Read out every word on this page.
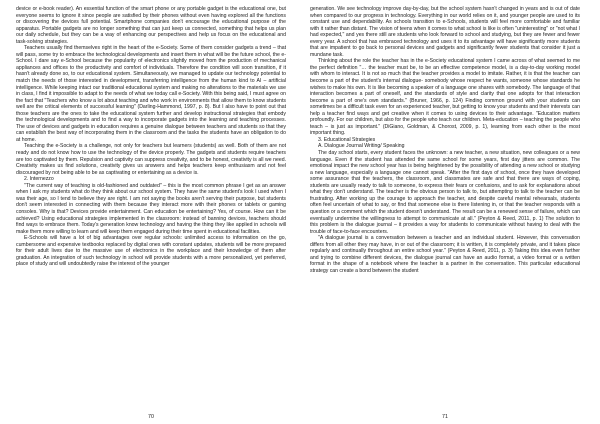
device or e-book reader). An essential function of the smart phone or any portable gadget is the educational one, but everyone seems to ignore it since people are satisfied by their phones without even having explored all the functions or discovering the devices full potential. Smartphone companies don't encourage the educational purpose of the apparatus. Portable gadgets are no longer something that can just keep us connected, something that helps us plan our daily schedule, but they can be a way of enhancing our perspectives and help us focus on the educational and task-solving strategies.

Teachers usually find themselves right in the heart of the e-Society. Some of them consider gadgets a trend – that will pass, some try to embrace the technological developments and insert them in what will be the future school, the e-School. I dare say e-School because the popularity of electronics slightly moved from the production of mechanical appliances and offices to the productivity and comfort of individuals. Therefore the condition will soon transition, if it hasn't already done so, to our educational system. Simultaneously, we managed to update our technology potential to match the needs of those interested in development, transferring intelligence from the human kind to AI – artificial intelligence. While keeping intact our traditional educational system and making no alterations to the materials we use in class, I find it impossible to adapt to the needs of what we today call e-Society. With this being said, I must agree on the fact that "Teachers who know a lot about teaching and who work in environments that allow them to know students well are the critical elements of successful learning" (Darling-Hammond, 1997, p. 8). But I also have to point out that those teachers are the ones to take the educational system further and develop instructional strategies that embody the technological developments and to find a way to incorporate gadgets into the learning and teaching processes. The use of devices and gadgets in education requires a genuine dialogue between teachers and students so that they can establish the best way of incorporating them in the classroom and the tasks the students have an obligation to do at home.

Teaching the e-Society is a challenge, not only for teachers but learners (students) as well. Both of them are not ready and do not know how to use the technology of the device properly. The gadgets and students require teachers are too captivated by them. Repulsion and captivity can suppress creativity, and to be honest, creativity is all we need. Creativity makes us find solutions, creativity gives us answers and helps teachers keep enthusiasm and not feel discouraged by not being able to be as captivating or entertaining as a device is.

2. Internezzo

"The current way of teaching is old-fashioned and outdated" – this is the most common phrase I get as an answer when I ask my students what do they think about our school system. They have the same student's look I used when I was their age, so I tend to believe they are right. I am not saying the books aren't serving their purpose, but students don't seem interested in connecting with them because they interact more with their phones or tablets or gaming consoles. Why is that? Devices provide entertainment. Can education be entertaining? Yes, of course. How can it be achieved? Using educational strategies implemented in the classroom: instead of banning devices, teachers should find ways to embrace them. Today's generation know technology and having the thing they like applied in schools will make them more willing to learn and will keep them engaged during their time spent in educational facilities.

E-Schools will have a lot of big advantages over regular schools: unlimited access to information on the go, cumbersome and expensive textbooks replaced by digital ones with constant updates, students will be more prepared for their adult lives due to the massive use of electronics in the workplace and their knowledge of them after graduation. An integration of such technology in school will provide students with a more personalized, yet preferred, place of study and will undoubtedly raise the interest of the younger

70

generation. We see technology improve day-by-day, but the school system hasn't changed in years and is out of date when compared to our progress in technology. Everything in our world relies on it, and younger people are used to its constant use and dependability. As schools transition to e-Schools, students will feel more comfortable and familiar with it rather than distant. The vision of teens when it comes to what school is like is often "uninteresting" or "not what I had expected," and yes there still are students who look forward to school and studying, but they are fewer and fewer every year. A school that has embraced technology and uses it to its advantage will have significantly more students that are impatient to go back to personal devices and gadgets and significantly fewer students that consider it just a mundane task.

Thinking about the role the teacher has in the e-Society educational system I came across of what seemed to me the perfect definition "… the teacher must be, to be an effective competence model, is a day-to-day working model with whom to interact. It is not so much that the teacher provides a model to imitate. Rather, it is that the teacher can become a part of the student's internal dialogue- somebody whose respect he wants, someone whose standards he wishes to make his own. It is like becoming a speaker of a language one shares with somebody. The language of that interaction becomes a part of oneself, and the standards of style and clarity that one adopts for that interaction become a part of one's own standards." (Bruner, 1966, p. 124) Finding common ground with your students can sometimes be a difficult task even for an experienced teacher, but getting to know your students and their interests can help a teacher find ways and get creative when it comes to using devices to their advantage. "Education matters profoundly. For our children, but also for the people who teach our children. Meta-education – teaching the people who teach – is just as important." (DiGiano, Goldman, & Chorost, 2009, p. 1), learning from each other is the most important thing.

3. Educational Strategies

A. Dialogue Journal Writing/ Speaking

The day school starts, every student faces the unknown: a new teacher, a new situation, new colleagues or a new language. Even if the student has attended the same school for some years, first day jitters are common. The emotional impact the new school year has is being heightened by the possibility of attending a new school or studying a new language, especially a language one cannot speak. "After the first days of school, once they have developed some assurance that the teachers, the classroom, and classmates are safe and that there are ways of coping, students are usually ready to talk to someone, to express their fears or confusions, and to ask for explanations about what they don't understand. The teacher is the obvious person to talk to, but attempting to talk to the teacher can be frustrating. After working up the courage to approach the teacher, and despite careful mental rehearsals, students often feel uncertain of what to say, or find that someone else is there listening in, or that the teacher responds with a question or a comment which the student doesn't understand. The result can be a renewed sense of failure, which can eventually undermine the willingness to attempt to communicate at all." (Peyton & Reed, 2011, p. 1) The solution to this problem is the dialogue journal – it provides a way for students to communicate without having to deal with the trouble of face-to-face encounters.

"A dialogue journal is a conversation between a teacher and an individual student. However, this conversation differs from all other they may have, in or out of the classroom; it is written, it is completely private, and it takes place regularly and continually throughout an entire school year." (Peyton & Reed, 2011, p. 3) Taking this idea even further and trying to combine different devices, the dialogue journal can have an audio format, a video format or a written format in the shape of a notebook where the teacher is a partner in the conversation. This particular educational strategy can create a bond between the student

71
